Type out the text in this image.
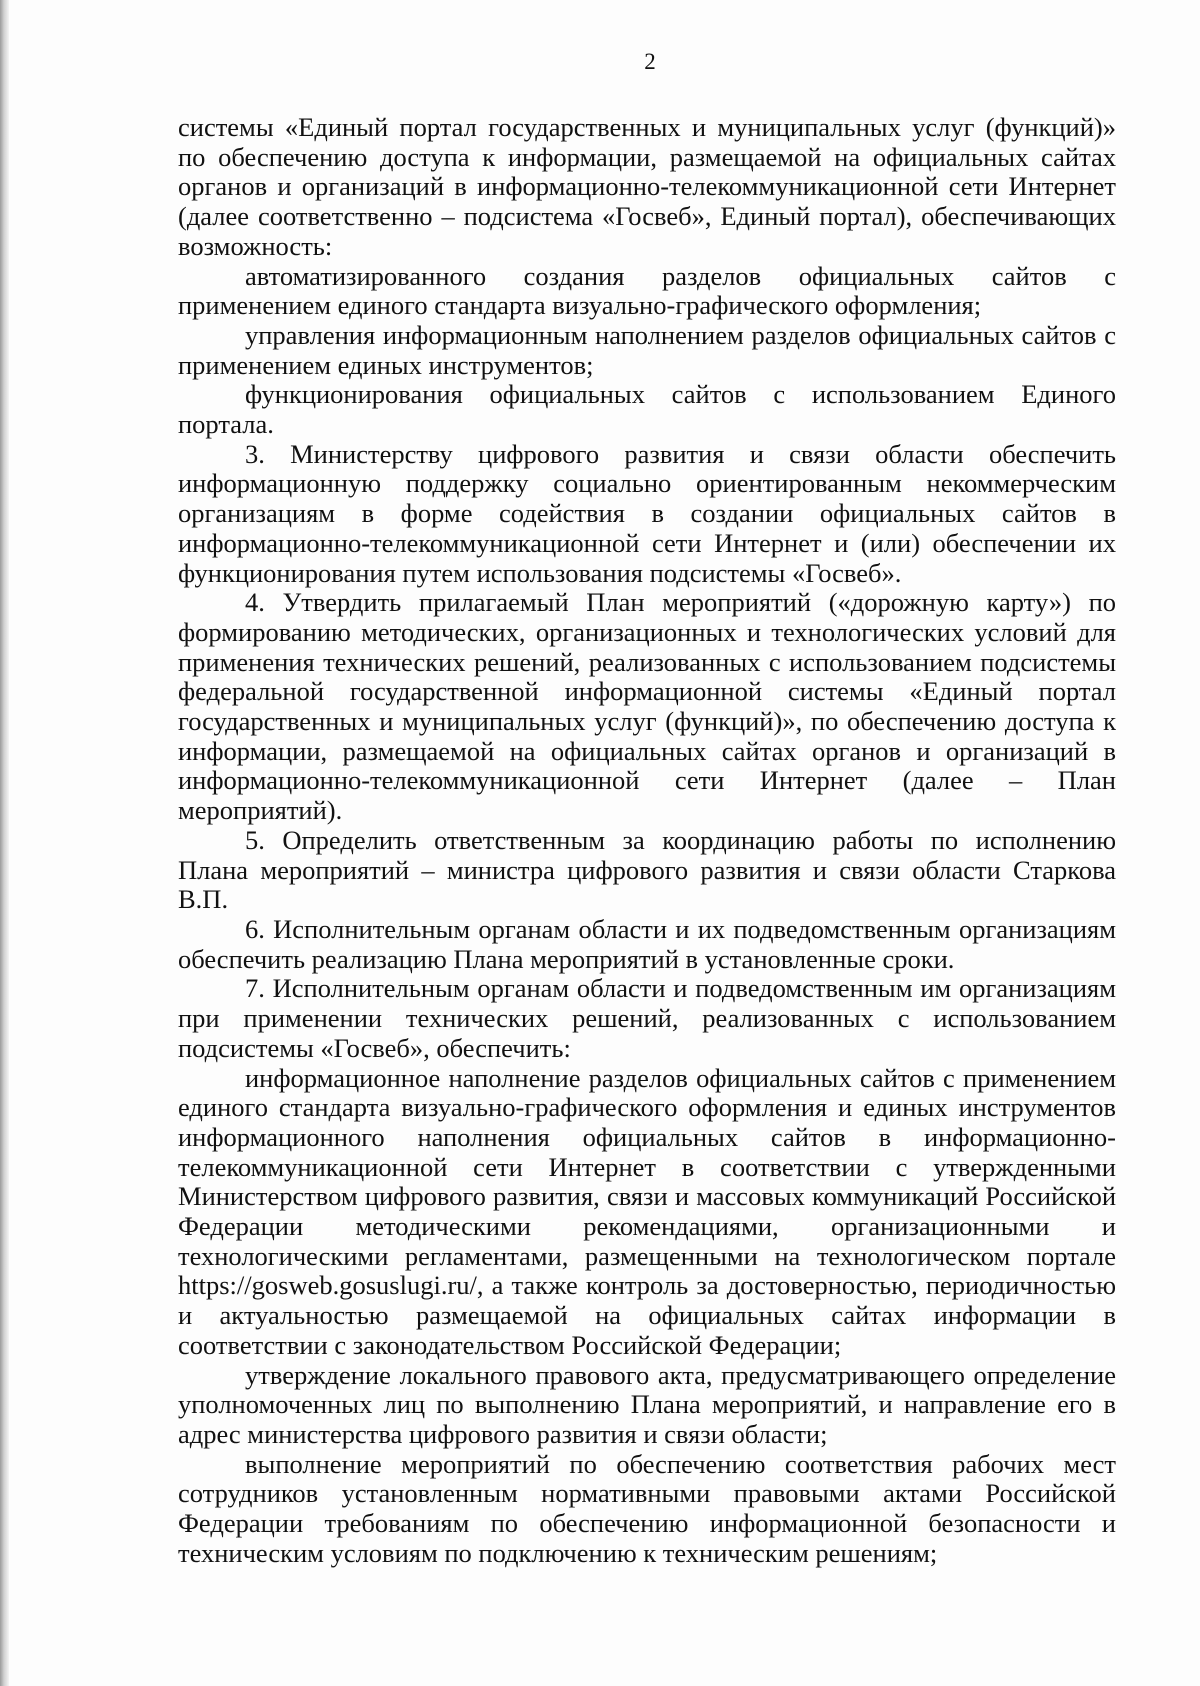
2

системы «Единый портал государственных и муниципальных услуг (функций)» по обеспечению доступа к информации, размещаемой на официальных сайтах органов и организаций в информационно-телекоммуникационной сети Интернет (далее соответственно – подсистема «Госвеб», Единый портал), обеспечивающих возможность:

автоматизированного создания разделов официальных сайтов с применением единого стандарта визуально-графического оформления;

управления информационным наполнением разделов официальных сайтов с применением единых инструментов;

функционирования официальных сайтов с использованием Единого портала.

3. Министерству цифрового развития и связи области обеспечить информационную поддержку социально ориентированным некоммерческим организациям в форме содействия в создании официальных сайтов в информационно-телекоммуникационной сети Интернет и (или) обеспечении их функционирования путем использования подсистемы «Госвеб».

4. Утвердить прилагаемый План мероприятий («дорожную карту») по формированию методических, организационных и технологических условий для применения технических решений, реализованных с использованием подсистемы федеральной государственной информационной системы «Единый портал государственных и муниципальных услуг (функций)», по обеспечению доступа к информации, размещаемой на официальных сайтах органов и организаций в информационно-телекоммуникационной сети Интернет (далее – План мероприятий).

5. Определить ответственным за координацию работы по исполнению Плана мероприятий – министра цифрового развития и связи области Старкова В.П.

6. Исполнительным органам области и их подведомственным организациям обеспечить реализацию Плана мероприятий в установленные сроки.

7. Исполнительным органам области и подведомственным им организациям при применении технических решений, реализованных с использованием подсистемы «Госвеб», обеспечить:

информационное наполнение разделов официальных сайтов с применением единого стандарта визуально-графического оформления и единых инструментов информационного наполнения официальных сайтов в информационно-телекоммуникационной сети Интернет в соответствии с утвержденными Министерством цифрового развития, связи и массовых коммуникаций Российской Федерации методическими рекомендациями, организационными и технологическими регламентами, размещенными на технологическом портале https://gosweb.gosuslugi.ru/, а также контроль за достоверностью, периодичностью и актуальностью размещаемой на официальных сайтах информации в соответствии с законодательством Российской Федерации;

утверждение локального правового акта, предусматривающего определение уполномоченных лиц по выполнению Плана мероприятий, и направление его в адрес министерства цифрового развития и связи области;

выполнение мероприятий по обеспечению соответствия рабочих мест сотрудников установленным нормативными правовыми актами Российской Федерации требованиям по обеспечению информационной безопасности и техническим условиям по подключению к техническим решениям;
